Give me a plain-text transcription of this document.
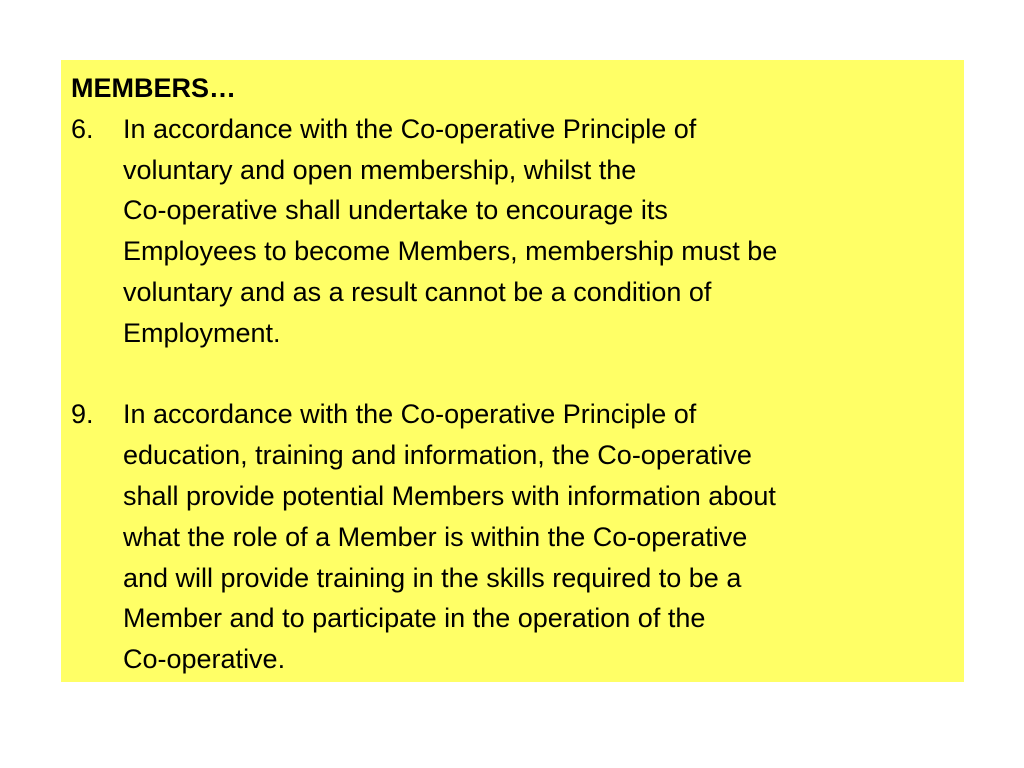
MEMBERS…
6.	In accordance with the Co-operative Principle of
voluntary and open membership, whilst the
Co-operative shall undertake to encourage its
Employees to become Members, membership must be
voluntary and as a result cannot be a condition of
Employment.
9.	In accordance with the Co-operative Principle of
education, training and information, the Co-operative
shall provide potential Members with information about
what the role of a Member is within the Co-operative
and will provide training in the skills required to be a
Member and to participate in the operation of the
Co-operative.
